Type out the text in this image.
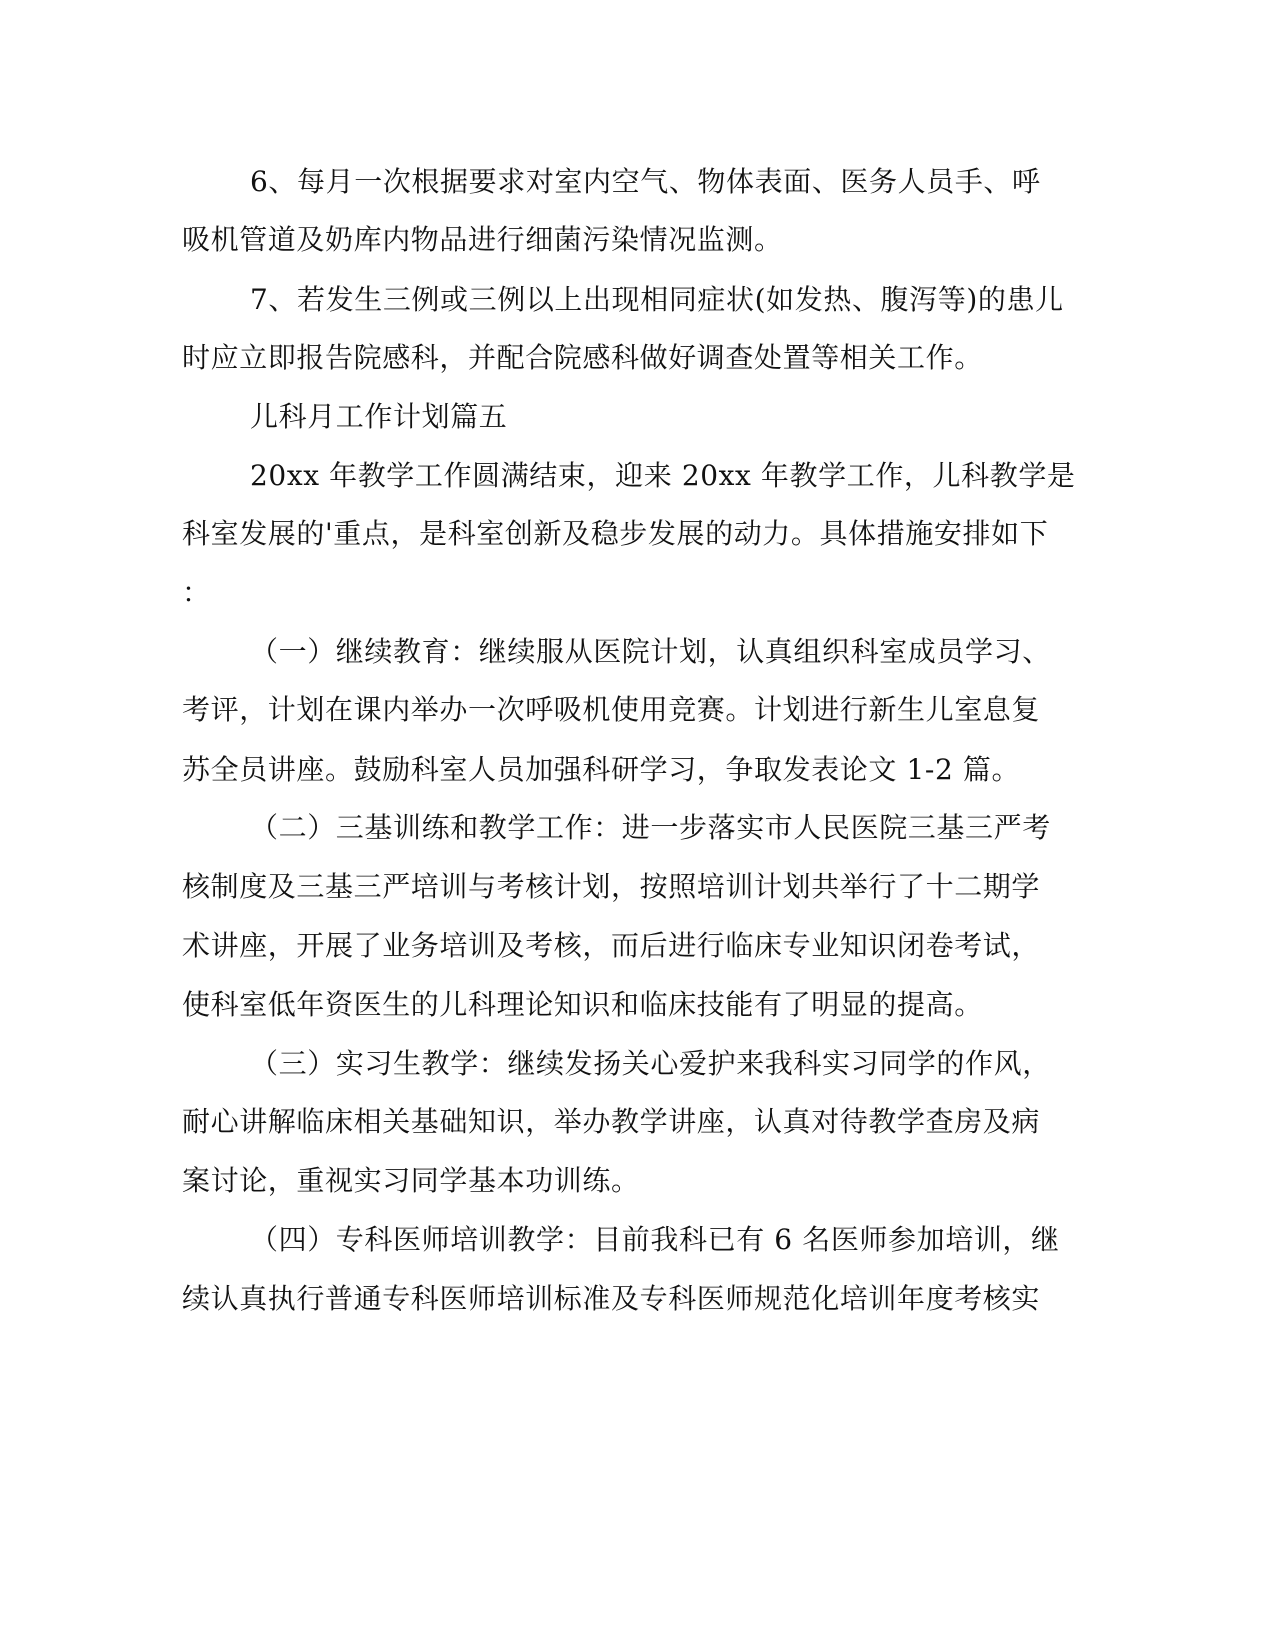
6、每月一次根据要求对室内空气、物体表面、医务人员手、呼
吸机管道及奶库内物品进行细菌污染情况监测。
7、若发生三例或三例以上出现相同症状(如发热、腹泻等)的患儿
时应立即报告院感科，并配合院感科做好调查处置等相关工作。
儿科月工作计划篇五
20xx 年教学工作圆满结束，迎来 20xx 年教学工作，儿科教学是
科室发展的'重点，是科室创新及稳步发展的动力。具体措施安排如下
：
（一）继续教育：继续服从医院计划，认真组织科室成员学习、
考评，计划在课内举办一次呼吸机使用竞赛。计划进行新生儿室息复
苏全员讲座。鼓励科室人员加强科研学习，争取发表论文 1-2 篇。
（二）三基训练和教学工作：进一步落实市人民医院三基三严考
核制度及三基三严培训与考核计划，按照培训计划共举行了十二期学
术讲座，开展了业务培训及考核，而后进行临床专业知识闭卷考试，
使科室低年资医生的儿科理论知识和临床技能有了明显的提高。
（三）实习生教学：继续发扬关心爱护来我科实习同学的作风，
耐心讲解临床相关基础知识，举办教学讲座，认真对待教学查房及病
案讨论，重视实习同学基本功训练。
（四）专科医师培训教学：目前我科已有 6 名医师参加培训，继
续认真执行普通专科医师培训标准及专科医师规范化培训年度考核实
